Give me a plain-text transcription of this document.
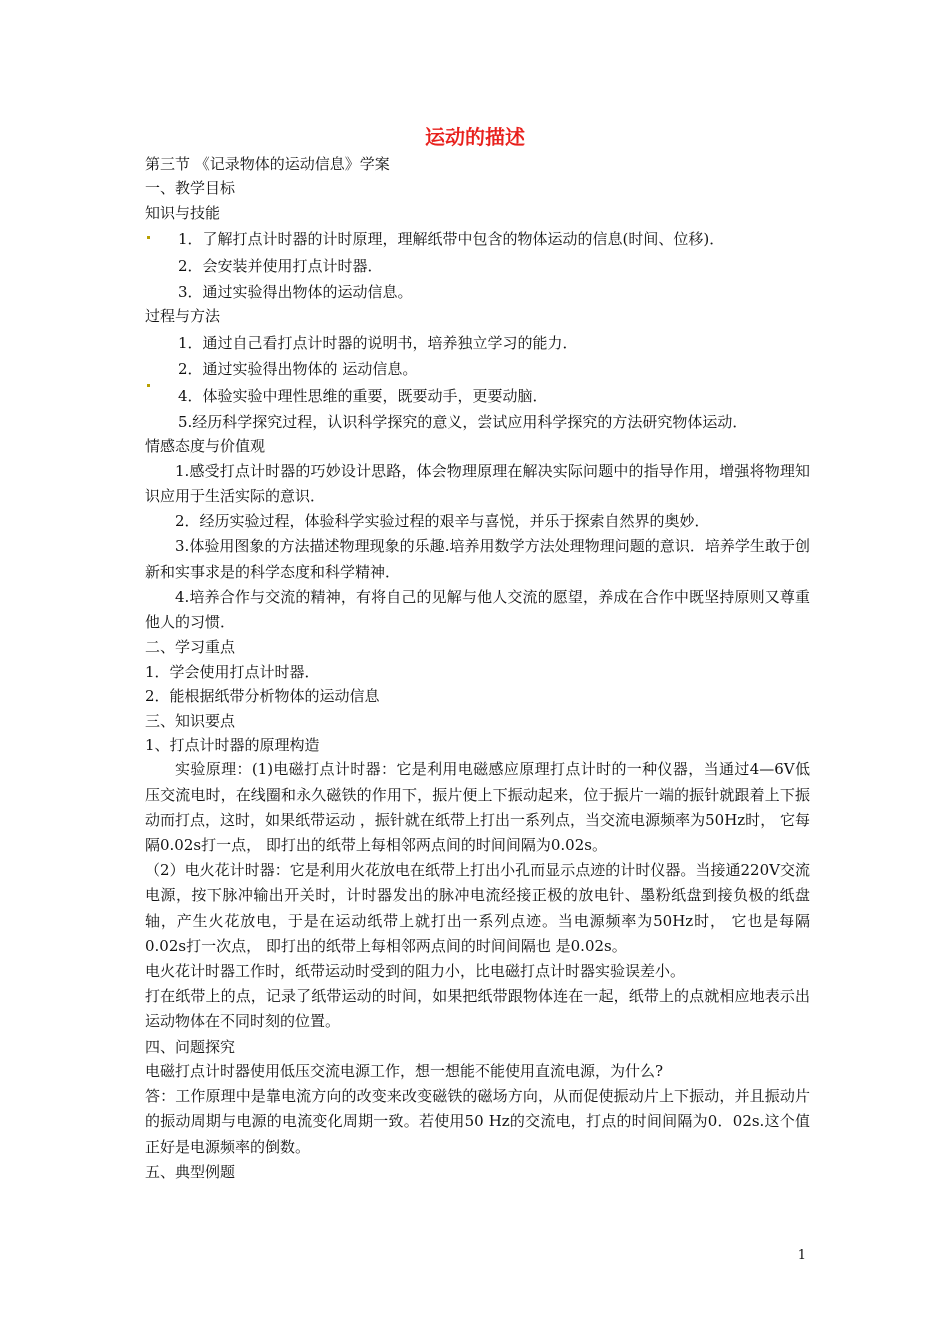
运动的描述
第三节 《记录物体的运动信息》学案
一、教学目标
知识与技能
1．了解打点计时器的计时原理，理解纸带中包含的物体运动的信息(时间、位移)．
2．会安装并使用打点计时器．
3．通过实验得出物体的运动信息。
过程与方法
1．通过自己看打点计时器的说明书，培养独立学习的能力．
2．通过实验得出物体的 运动信息。
4．体验实验中理性思维的重要，既要动手，更要动脑．
5.经历科学探究过程，认识科学探究的意义，尝试应用科学探究的方法研究物体运动．
情感态度与价值观
1.感受打点计时器的巧妙设计思路，体会物理原理在解决实际问题中的指导作用，增强将物理知识应用于生活实际的意识．
2．经历实验过程，体验科学实验过程的艰辛与喜悦，并乐于探索自然界的奥妙．
3.体验用图象的方法描述物理现象的乐趣.培养用数学方法处理物理问题的意识．培养学生敢于创新和实事求是的科学态度和科学精神．
4.培养合作与交流的精神，有将自己的见解与他人交流的愿望，养成在合作中既坚持原则又尊重他人的习惯．
二、学习重点
1．学会使用打点计时器．
2．能根据纸带分析物体的运动信息
三、知识要点
1、打点计时器的原理构造
实验原理：(1)电磁打点计时器：它是利用电磁感应原理打点计时的一种仪器，当通过4—6V低压交流电时，在线圈和永久磁铁的作用下，振片便上下振动起来，位于振片一端的振针就跟着上下振动而打点，这时，如果纸带运动 ，振针就在纸带上打出一系列点，当交流电源频率为50Hz时， 它每隔0.02s打一点， 即打出的纸带上每相邻两点间的时间间隔为0.02s。
（2）电火花计时器：它是利用火花放电在纸带上打出小孔而显示点迹的计时仪器。当接通220V交流电源，按下脉冲输出开关时，计时器发出的脉冲电流经接正极的放电针、墨粉纸盘到接负极的纸盘轴，产生火花放电，于是在运动纸带上就打出一系列点迹。当电源频率为50Hz时， 它也是每隔0.02s打一次点， 即打出的纸带上每相邻两点间的时间间隔也 是0.02s。
电火花计时器工作时，纸带运动时受到的阻力小，比电磁打点计时器实验误差小。
打在纸带上的点，记录了纸带运动的时间，如果把纸带跟物体连在一起，纸带上的点就相应地表示出运动物体在不同时刻的位置。
四、问题探究
电磁打点计时器使用低压交流电源工作，想一想能不能使用直流电源，为什么?
答：工作原理中是靠电流方向的改变来改变磁铁的磁场方向，从而促使振动片上下振动，并且振动片的振动周期与电源的电流变化周期一致。若使用50 Hz的交流电，打点的时间间隔为0．02s.这个值正好是电源频率的倒数。
五、典型例题
1
